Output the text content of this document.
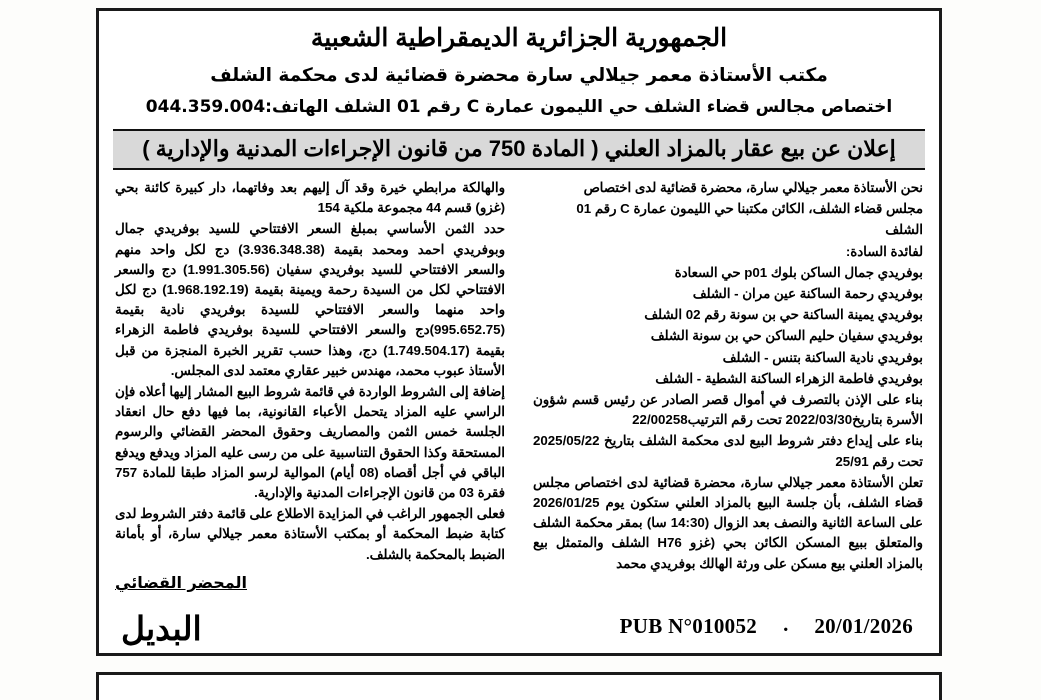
الجمهورية الجزائرية الديمقراطية الشعبية
مكتب الأستاذة معمر جيلالي سارة محضرة قضائية لدى محكمة الشلف
اختصاص مجالس قضاء الشلف حي الليمون عمارة C رقم 01 الشلف الهاتف:044.359.004
إعلان عن بيع عقار بالمزاد العلني ( المادة 750 من قانون الإجراءات المدنية والإدارية )

نحن الأستاذة معمر جيلالي سارة، محضرة قضائية لدى اختصاص

مجلس قضاء الشلف، الكائن مكتبنا حي الليمون عمارة C رقم 01

الشلف

لفائدة السادة:

بوفريدي جمال الساكن بلوك p01 حي السعادة

بوفريدي رحمة الساكنة عين مران - الشلف

بوفريدي يمينة الساكنة حي بن سونة رقم 02 الشلف

بوفريدي سفيان حليم الساكن حي بن سونة الشلف

بوفريدي نادية الساكنة بتنس - الشلف

بوفريدي فاطمة الزهراء الساكنة الشطية - الشلف

بناء على الإذن بالتصرف في أموال قصر الصادر عن رئيس قسم شؤون الأسرة بتاريخ2022/03/30 تحت رقم الترتيب22/00258

بناء على إيداع دفتر شروط البيع لدى محكمة الشلف بتاريخ 2025/05/22 تحت رقم 25/91

تعلن الأستاذة معمر جيلالي سارة، محضرة قضائية لدى اختصاص مجلس قضاء الشلف، بأن جلسة البيع بالمزاد العلني ستكون يوم 2026/01/25 على الساعة الثانية والنصف بعد الزوال (14:30 سا) بمقر محكمة الشلف والمتعلق ببيع المسكن الكائن بحي (غزو H76 الشلف والمتمثل بيع بالمزاد العلني بيع مسكن على ورثة الهالك بوفريدي محمد

والهالكة مرابطي خيرة وقد آل إليهم بعد وفاتهما، دار كبيرة كائنة بحي (غزو) قسم 44 مجموعة ملكية 154

حدد الثمن الأساسي بمبلغ السعر الافتتاحي للسيد بوفريدي جمال وبوفريدي احمد ومحمد بقيمة (3.936.348.38) دج لكل واحد منهم والسعر الافتتاحي للسيد بوفريدي سفيان (1.991.305.56) دج والسعر الافتتاحي لكل من السيدة رحمة ويمينة بقيمة (1.968.192.19) دج لكل واحد منهما والسعر الافتتاحي للسيدة بوفريدي نادية بقيمة (995.652.75)دج والسعر الافتتاحي للسيدة بوفريدي فاطمة الزهراء بقيمة (1.749.504.17) دج، وهذا حسب تقرير الخبرة المنجزة من قبل الأستاذ عبوب محمد، مهندس خبير عقاري معتمد لدى المجلس.

إضافة إلى الشروط الواردة في قائمة شروط البيع المشار إليها أعلاه فإن الراسي عليه المزاد يتحمل الأعباء القانونية، بما فيها دفع حال انعقاد الجلسة خمس الثمن والمصاريف وحقوق المحضر القضائي والرسوم المستحقة وكذا الحقوق التناسبية على من رسى عليه المزاد ويدفع ويدفع الباقي في أجل أقصاه (08 أيام) الموالية لرسو المزاد طبقا للمادة 757 فقرة 03 من قانون الإجراءات المدنية والإدارية.

فعلى الجمهور الراغب في المزايدة الاطلاع على قائمة دفتر الشروط لدى كتابة ضبط المحكمة أو بمكتب الأستاذة معمر جيلالي سارة، أو بأمانة الضبط بالمحكمة بالشلف.

المحضر القضائي
البديل	PUB N°010052 . 20/01/2026
